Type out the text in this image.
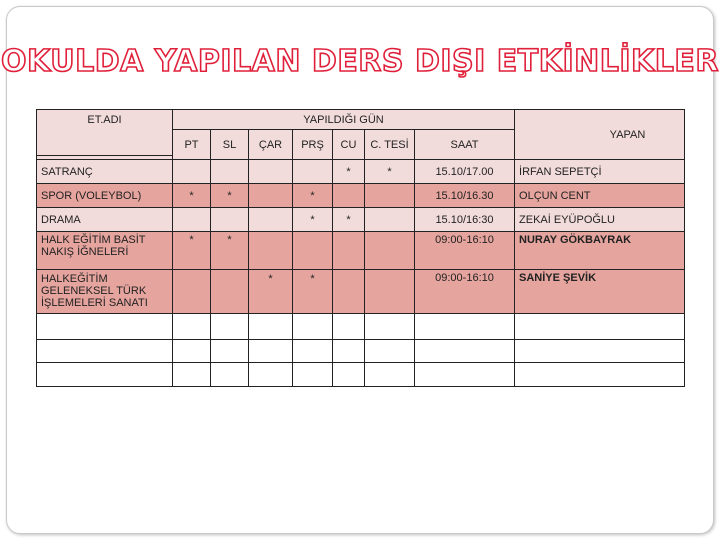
OKULDA YAPILAN DERS DIŞI ETKİNLİKLER
ET.ADI	YAPILDIĞI GÜN							YAPAN
	PT	SL	ÇAR	PRŞ	CU	C. TESİ	SAAT	

SATRANÇ					*	*	15.10/17.00	İRFAN SEPETÇİ
SPOR (VOLEYBOL)	*	*		*			15.10/16.30	OLÇUN CENT
DRAMA				*	*		15.10/16:30	ZEKAİ EYÜPOĞLU
HALK EĞİTİM BASİT NAKIŞ İĞNELERİ	*	*					09:00-16:10	NURAY GÖKBAYRAK
HALKEĞİTİM GELENEKSEL TÜRK İŞLEMELERİ SANATI			*	*			09:00-16:10	SANİYE ŞEVİK
